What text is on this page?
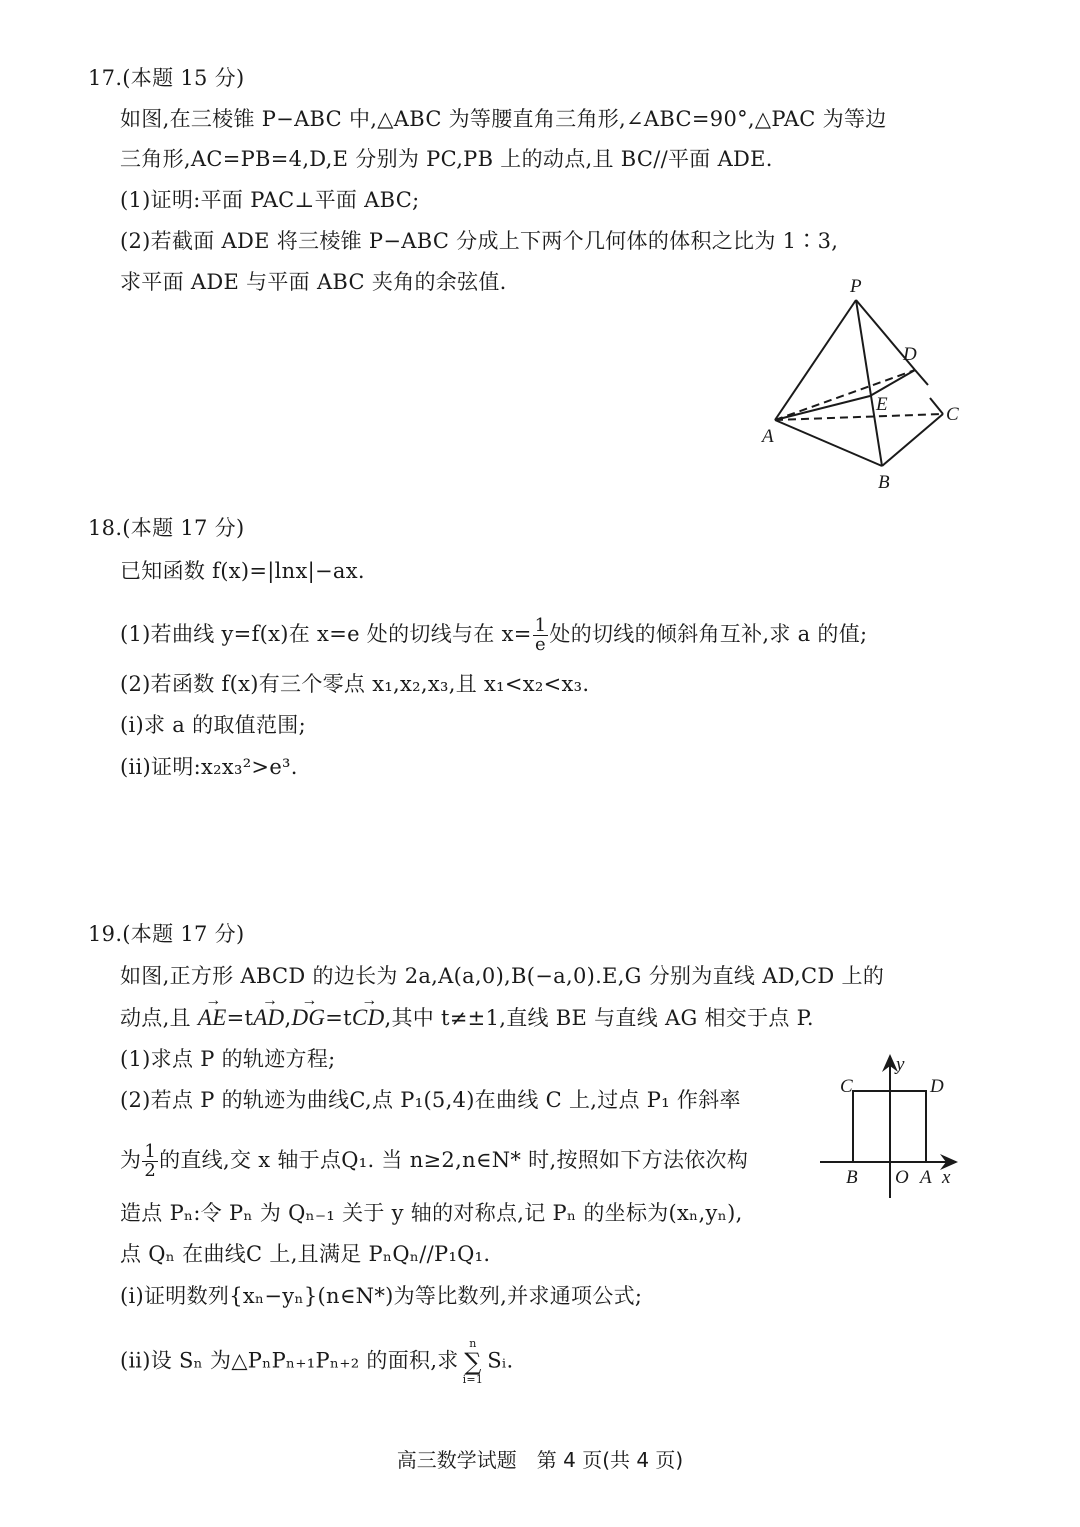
17.(本题 15 分)
如图,在三棱锥 P−ABC 中,△ABC 为等腰直角三角形,∠ABC=90°,△PAC 为等边
三角形,AC=PB=4,D,E 分别为 PC,PB 上的动点,且 BC//平面 ADE.
(1)证明:平面 PAC⊥平面 ABC;
(2)若截面 ADE 将三棱锥 P−ABC 分成上下两个几何体的体积之比为 1∶3,
求平面 ADE 与平面 ABC 夹角的余弦值.	P
A
B
C
D
E
18.(本题 17 分)
已知函数 f(x)=|lnx|−ax.
(1)若曲线 y=f(x)在 x=e 处的切线与在 $x= \frac{1}{e}$ 处的切线的倾斜角互补,求 a 的值;
(2)若函数 f(x)有三个零点 x₁,x₂,x₃,且 x₁<x₂<x₃.
(i)求 a 的取值范围;
(ii)证明:x₂x₃²>e³.
19.(本题 17 分)
如图,正方形 ABCD 的边长为 2a,A(a,0),B(−a,0).E,G 分别为直线 AD,CD 上的
动点,且 → AE=t→ AD,→ DG=t→ CD,其中 t≠±1,直线 BE 与直线 AG 相交于点 P.
(1)求点 P 的轨迹方程;
(2)若点 P 的轨迹为曲线C,点 P₁(5,4)在曲线 C 上,过点 P₁ 作斜率
为 $\frac{1}{2}$ 的直线,交 x 轴于点Q₁. 当 n≥2,n∈N* 时,按照如下方法依次构
造点 Pₙ:令 Pₙ 为 Qₙ₋₁ 关于 y 轴的对称点,记 Pₙ 的坐标为(xₙ,yₙ),
点 Qₙ 在曲线C 上,且满足 PₙQₙ//P₁Q₁.
(ⅰ)证明数列{xₙ−yₙ}(n∈N*)为等比数列,并求通项公式;
(ⅱ)设 Sₙ 为△PₙPₙ₊₁Pₙ₊₂ 的面积,求
n
∑
i=1
Sᵢ.
y
x
O A
B
C	D
高三数学试题　第 4 页(共 4 页)
